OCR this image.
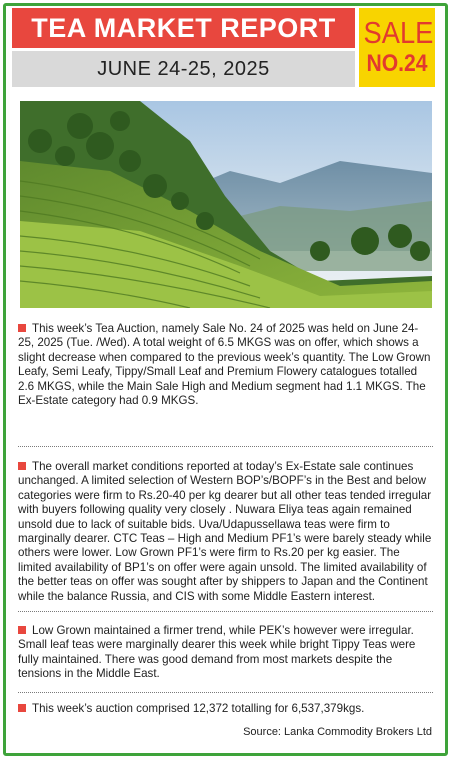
TEA MARKET REPORT
JUNE 24-25, 2025
SALE
NO.24
This week’s Tea Auction, namely Sale No. 24 of 2025 was held on June 24-25, 2025 (Tue. /Wed). A total weight of 6.5 MKGS was on offer, which shows a slight decrease when compared to the previous week’s quantity. The Low Grown Leafy, Semi Leafy, Tippy/Small Leaf and Premium Flowery catalogues totalled 2.6 MKGS, while the Main Sale High and Medium segment had 1.1 MKGS. The Ex-Estate category had 0.9 MKGS.
The overall market conditions reported at today’s Ex-Estate sale continues unchanged. A limited selection of Western BOP’s/BOPF’s in the Best and below categories were firm to Rs.20-40 per kg dearer but all other teas tended irregular with buyers following quality very closely . Nuwara Eliya teas again remained unsold due to lack of suitable bids. Uva/Udapussellawa teas were firm to marginally dearer. CTC Teas – High and Medium PF1’s were barely steady while others were lower. Low Grown PF1’s were firm to Rs.20 per kg easier. The limited availability of BP1’s on offer were again unsold. The limited availability of the better teas on offer was sought after by shippers to Japan and the Continent while the balance Russia, and CIS with some Middle Eastern interest.
Low Grown maintained a firmer trend, while PEK’s however were irregular. Small leaf teas were marginally dearer this week while bright Tippy Teas were fully maintained. There was good demand from most markets despite the tensions in the Middle East.
This week’s auction comprised 12,372 totalling for 6,537,379kgs.
Source: Lanka Commodity Brokers Ltd
